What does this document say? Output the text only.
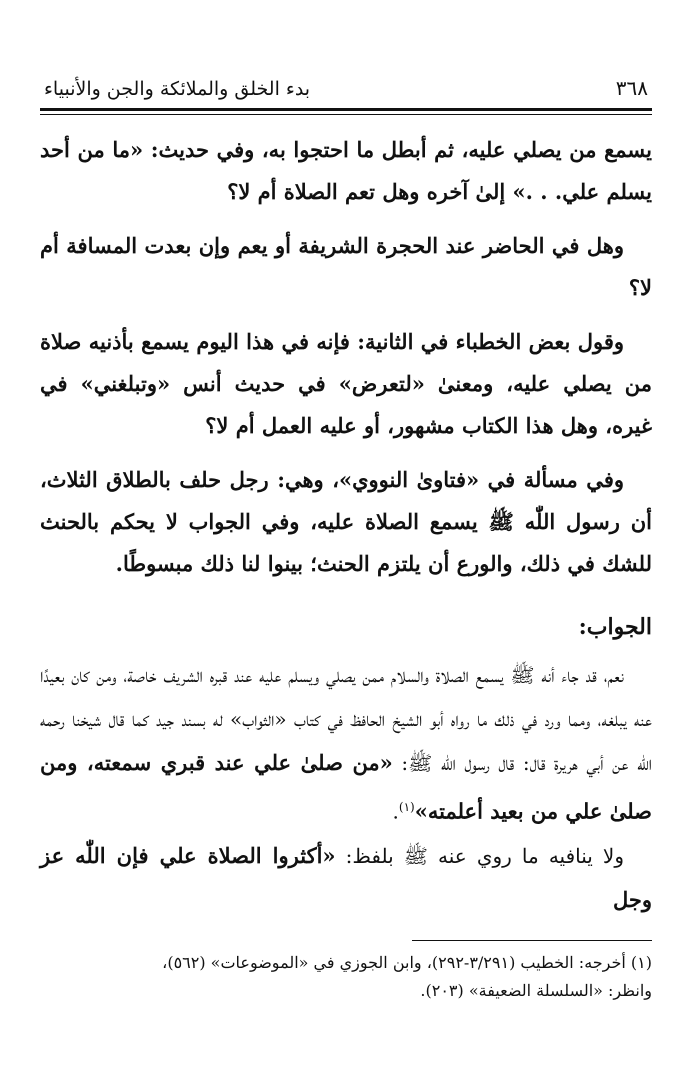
٣٦٨
بدء الخلق والملائكة والجن والأنبياء

يسمع من يصلي عليه، ثم أبطل ما احتجوا به، وفي حديث: «ما من أحد يسلم علي. . .» إلىٰ آخره وهل تعم الصلاة أم لا؟

وهل في الحاضر عند الحجرة الشريفة أو يعم وإن بعدت المسافة أم لا؟

وقول بعض الخطباء في الثانية: فإنه في هذا اليوم يسمع بأذنيه صلاة من يصلي عليه، ومعنىٰ «لتعرض» في حديث أنس «وتبلغني» في غيره، وهل هذا الكتاب مشهور، أو عليه العمل أم لا؟

وفي مسألة في «فتاوىٰ النووي»، وهي: رجل حلف بالطلاق الثلاث، أن رسول اللّٰه ﷺ يسمع الصلاة عليه، وفي الجواب لا يحكم بالحنث للشك في ذلك، والورع أن يلتزم الحنث؛ بينوا لنا ذلك مبسوطًا.

الجواب:

نعم، قد جاء أنه ﷺ يسمع الصلاة والسلام ممن يصلي ويسلم عليه عند قبره الشريف خاصة، ومن كان بعيدًا عنه يبلغه، ومما ورد في ذلك ما رواه أبو الشيخ الحافظ في كتاب «الثواب» له بسند جيد كما قال شيخنا رحمه الله عن أبي هريرة قال: قال رسول اللّٰه ﷺ: «من صلىٰ علي عند قبري سمعته، ومن صلىٰ علي من بعيد أعلمته»$^{(١)}$.

ولا ينافيه ما روي عنه ﷺ بلفظ: «أكثروا الصلاة علي فإن اللّٰه عز وجل

(١) أخرجه: الخطيب (٣/٢٩١-٢٩٢)، وابن الجوزي في «الموضوعات» (٥٦٢)،
وانظر: «السلسلة الضعيفة» (٢٠٣).
